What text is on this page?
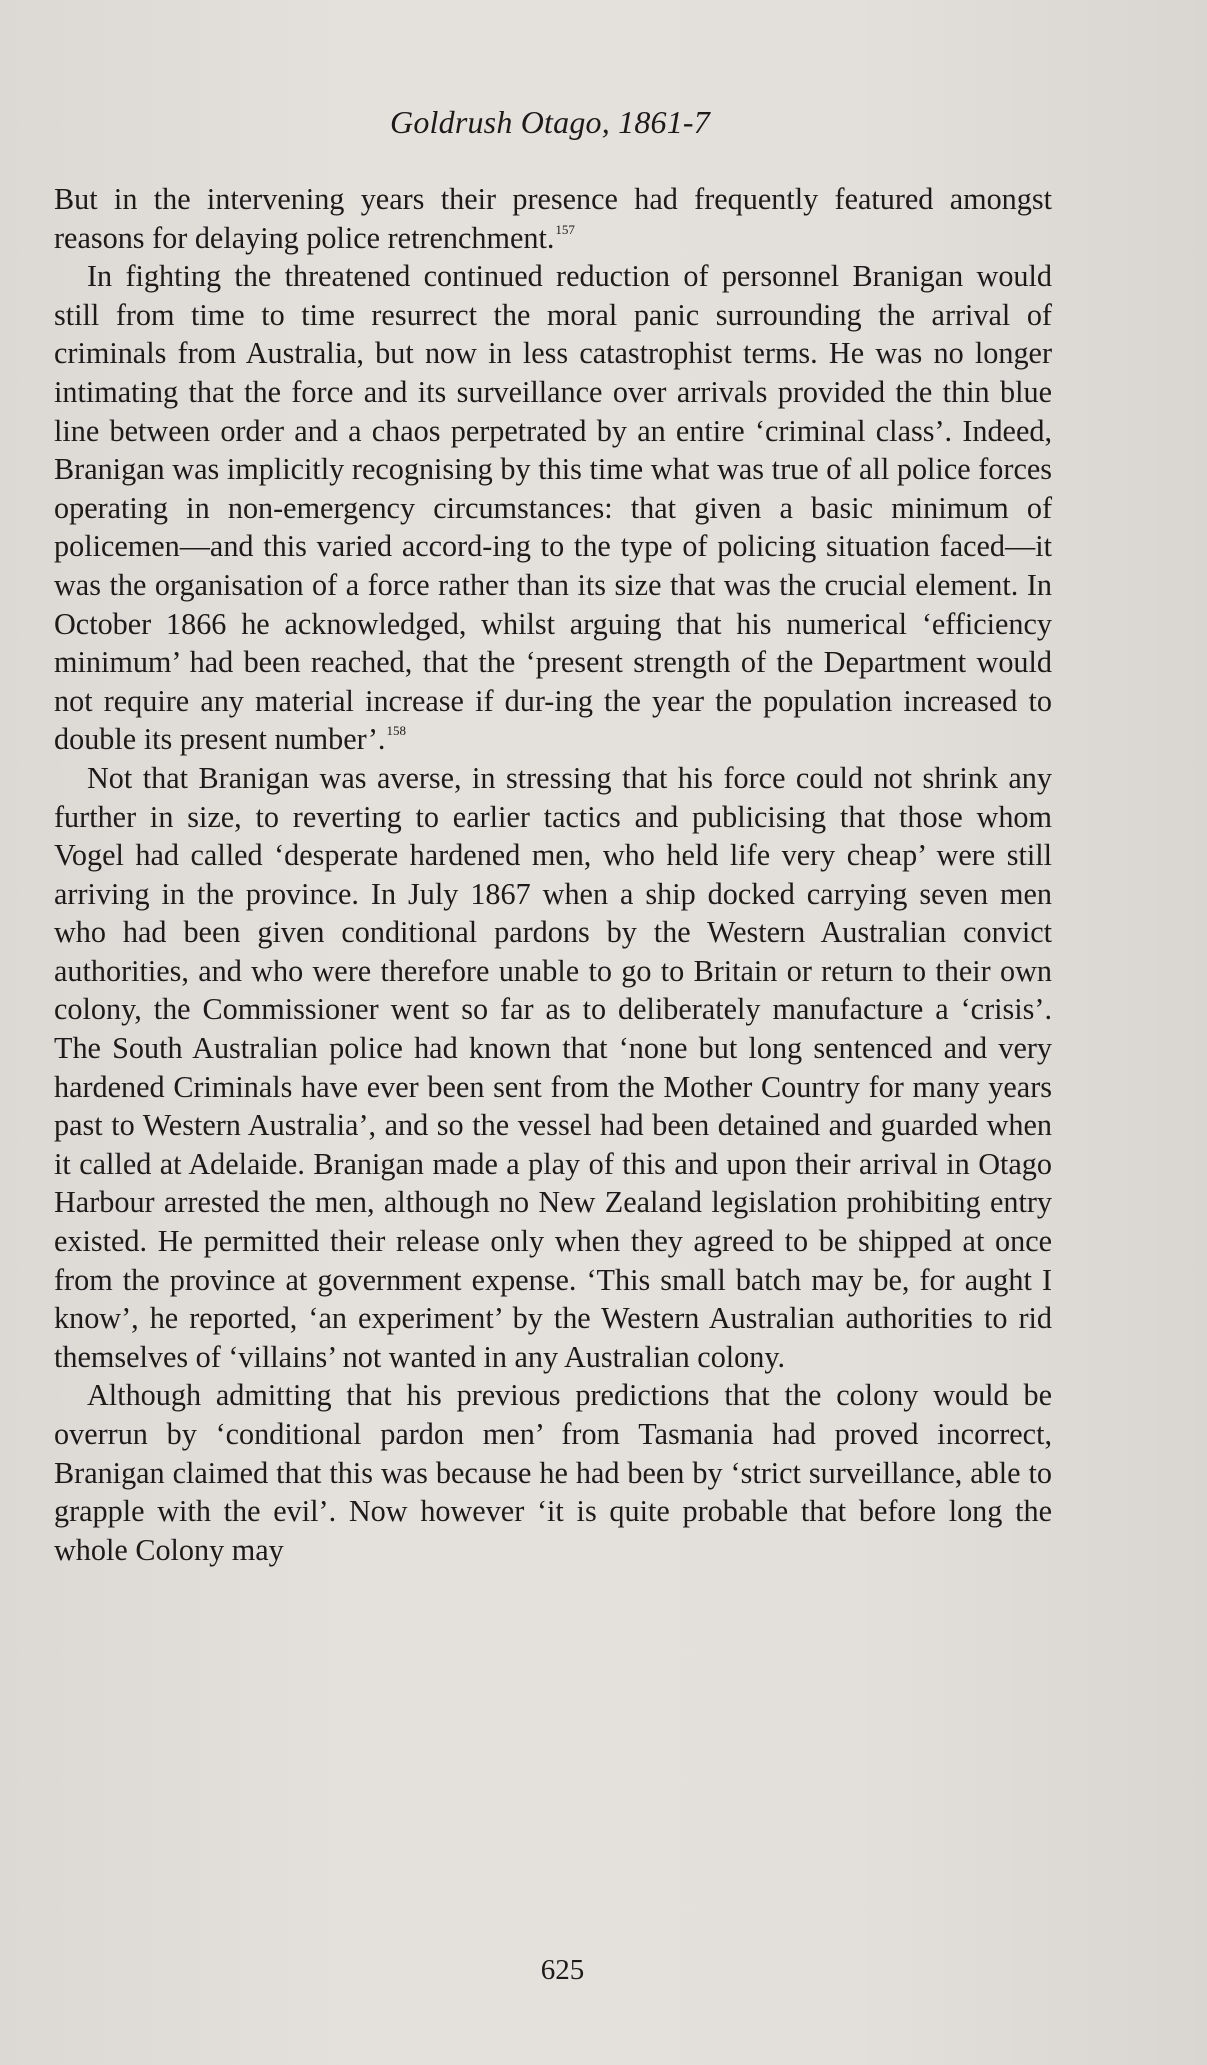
Goldrush Otago, 1861-7

But in the intervening years their presence had frequently featured amongst reasons for delaying police retrenchment.$^{157}$

In fighting the threatened continued reduction of personnel Branigan would still from time to time resurrect the moral panic surrounding the arrival of criminals from Australia, but now in less catastrophist terms. He was no longer intimating that the force and its surveillance over arrivals provided the thin blue line between order and a chaos perpetrated by an entire ‘criminal class’. Indeed, Branigan was implicitly recognising by this time what was true of all police forces operating in non-emergency circumstances: that given a basic minimum of policemen—and this varied accord-ing to the type of policing situation faced—it was the organisation of a force rather than its size that was the crucial element. In October 1866 he acknowledged, whilst arguing that his numerical ‘efficiency minimum’ had been reached, that the ‘present strength of the Department would not require any material increase if dur-ing the year the population increased to double its present number’.$^{158}$

Not that Branigan was averse, in stressing that his force could not shrink any further in size, to reverting to earlier tactics and publicising that those whom Vogel had called ‘desperate hardened men, who held life very cheap’ were still arriving in the province. In July 1867 when a ship docked carrying seven men who had been given conditional pardons by the Western Australian convict authorities, and who were therefore unable to go to Britain or return to their own colony, the Commissioner went so far as to deliberately manufacture a ‘crisis’. The South Australian police had known that ‘none but long sentenced and very hardened Criminals have ever been sent from the Mother Country for many years past to Western Australia’, and so the vessel had been detained and guarded when it called at Adelaide. Branigan made a play of this and upon their arrival in Otago Harbour arrested the men, although no New Zealand legislation prohibiting entry existed. He permitted their release only when they agreed to be shipped at once from the province at government expense. ‘This small batch may be, for aught I know’, he reported, ‘an experiment’ by the Western Australian authorities to rid themselves of ‘villains’ not wanted in any Australian colony.

Although admitting that his previous predictions that the colony would be overrun by ‘conditional pardon men’ from Tasmania had proved incorrect, Branigan claimed that this was because he had been by ‘strict surveillance, able to grapple with the evil’. Now however ‘it is quite probable that before long the whole Colony may

625
